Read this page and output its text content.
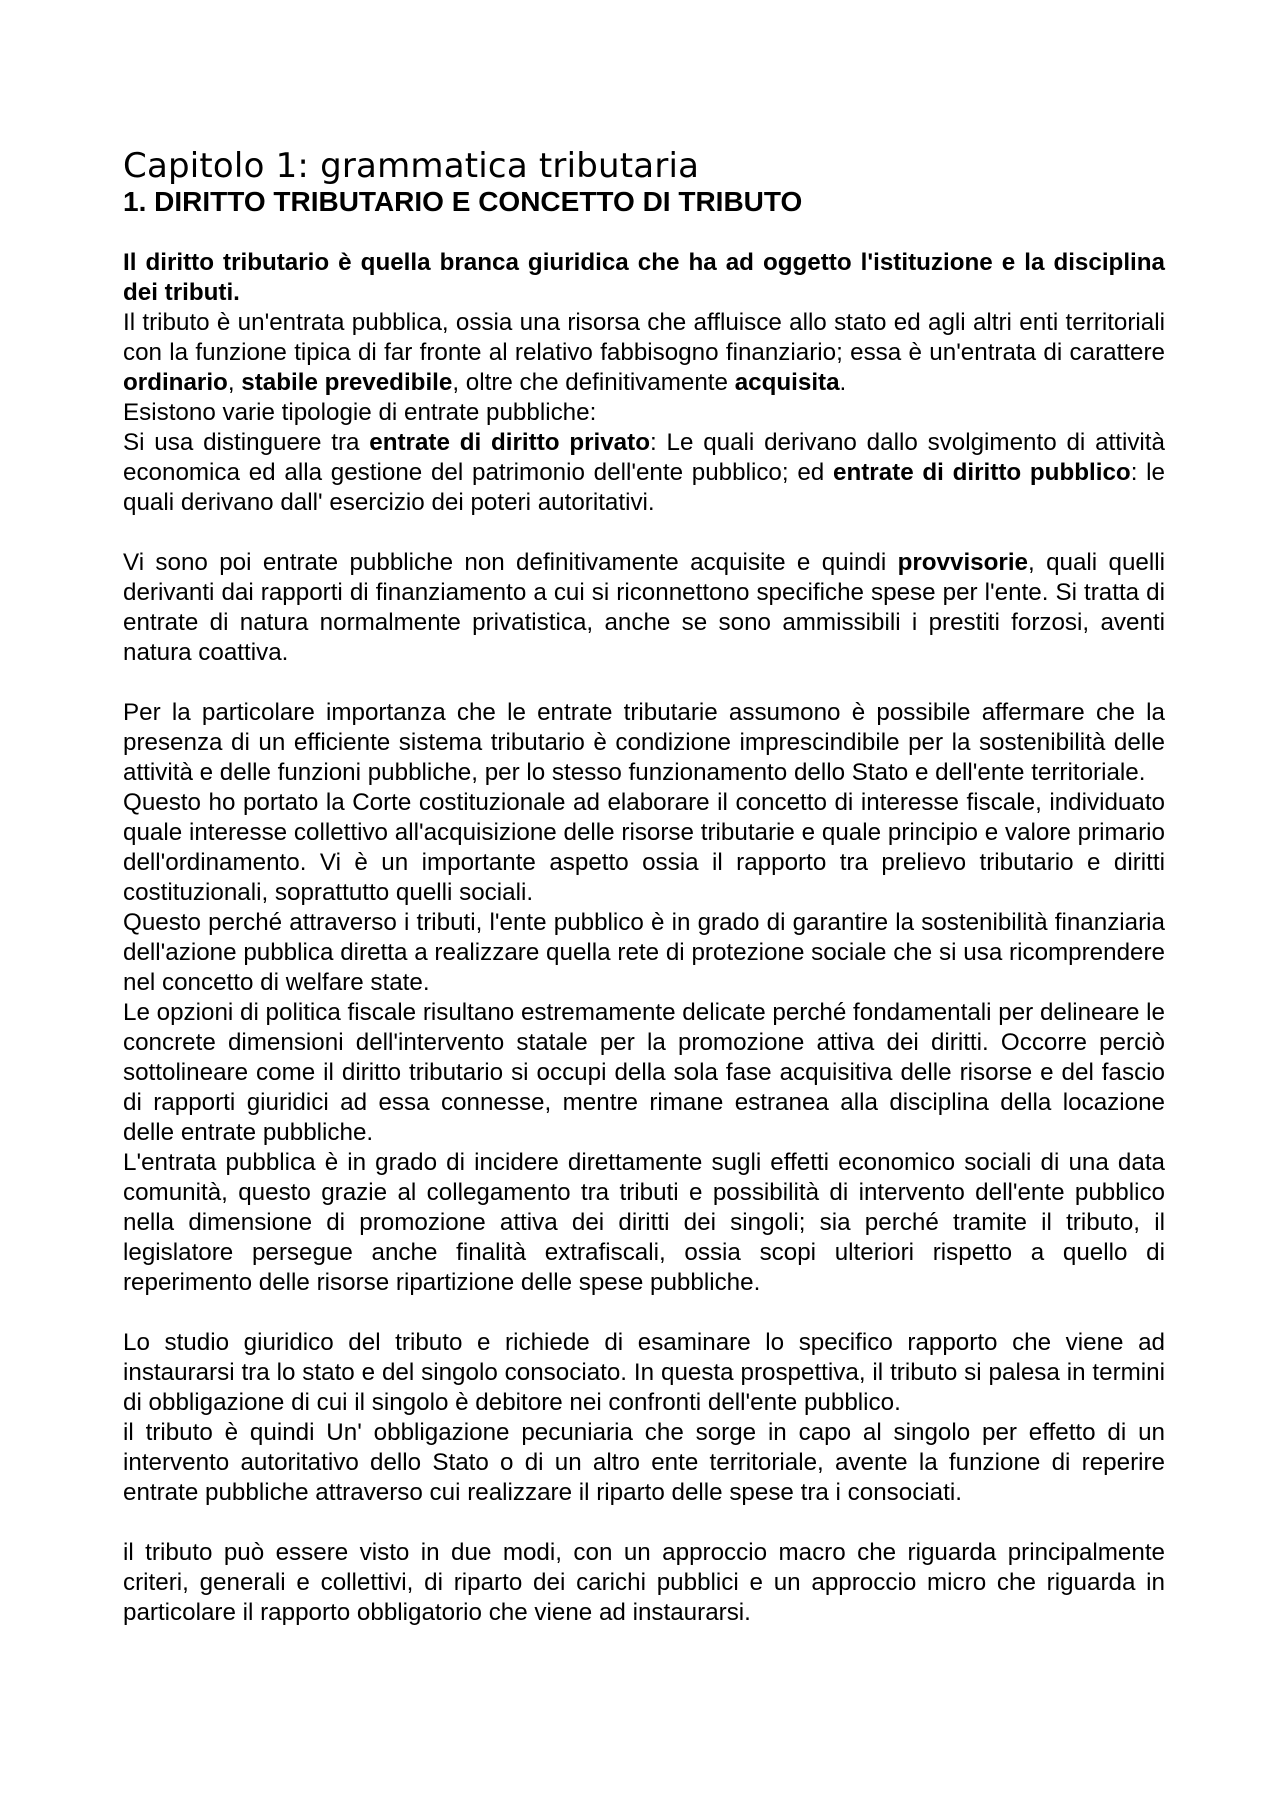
Capitolo 1: grammatica tributaria
1. DIRITTO TRIBUTARIO E CONCETTO DI TRIBUTO

Il diritto tributario è quella branca giuridica che ha ad oggetto l'istituzione e la disciplina dei tributi.

Il tributo è un'entrata pubblica, ossia una risorsa che affluisce allo stato ed agli altri enti territoriali con la funzione tipica di far fronte al relativo fabbisogno finanziario; essa è un'entrata di carattere ordinario, stabile prevedibile, oltre che definitivamente acquisita.

Esistono varie tipologie di entrate pubbliche:

Si usa distinguere tra entrate di diritto privato: Le quali derivano dallo svolgimento di attività economica ed alla gestione del patrimonio dell'ente pubblico; ed entrate di diritto pubblico: le quali derivano dall' esercizio dei poteri autoritativi.

Vi sono poi entrate pubbliche non definitivamente acquisite e quindi provvisorie, quali quelli derivanti dai rapporti di finanziamento a cui si riconnettono specifiche spese per l'ente. Si tratta di entrate di natura normalmente privatistica, anche se sono ammissibili i prestiti forzosi, aventi natura coattiva.

Per la particolare importanza che le entrate tributarie assumono è possibile affermare che la presenza di un efficiente sistema tributario è condizione imprescindibile per la sostenibilità delle attività e delle funzioni pubbliche, per lo stesso funzionamento dello Stato e dell'ente territoriale.

Questo ho portato la Corte costituzionale ad elaborare il concetto di interesse fiscale, individuato quale interesse collettivo all'acquisizione delle risorse tributarie e quale principio e valore primario dell'ordinamento. Vi è un importante aspetto ossia il rapporto tra prelievo tributario e diritti costituzionali, soprattutto quelli sociali.

Questo perché attraverso i tributi, l'ente pubblico è in grado di garantire la sostenibilità finanziaria dell'azione pubblica diretta a realizzare quella rete di protezione sociale che si usa ricomprendere nel concetto di welfare state.

Le opzioni di politica fiscale risultano estremamente delicate perché fondamentali per delineare le concrete dimensioni dell'intervento statale per la promozione attiva dei diritti. Occorre perciò sottolineare come il diritto tributario si occupi della sola fase acquisitiva delle risorse e del fascio di rapporti giuridici ad essa connesse, mentre rimane estranea alla disciplina della locazione delle entrate pubbliche.

L'entrata pubblica è in grado di incidere direttamente sugli effetti economico sociali di una data comunità, questo grazie al collegamento tra tributi e possibilità di intervento dell'ente pubblico nella dimensione di promozione attiva dei diritti dei singoli; sia perché tramite il tributo, il legislatore persegue anche finalità extrafiscali, ossia scopi ulteriori rispetto a quello di reperimento delle risorse ripartizione delle spese pubbliche.

Lo studio giuridico del tributo e richiede di esaminare lo specifico rapporto che viene ad instaurarsi tra lo stato e del singolo consociato. In questa prospettiva, il tributo si palesa in termini di obbligazione di cui il singolo è debitore nei confronti dell'ente pubblico.

il tributo è quindi Un' obbligazione pecuniaria che sorge in capo al singolo per effetto di un intervento autoritativo dello Stato o di un altro ente territoriale, avente la funzione di reperire entrate pubbliche attraverso cui realizzare il riparto delle spese tra i consociati.

il tributo può essere visto in due modi, con un approccio macro che riguarda principalmente criteri, generali e collettivi, di riparto dei carichi pubblici e un approccio micro che riguarda in particolare il rapporto obbligatorio che viene ad instaurarsi.
